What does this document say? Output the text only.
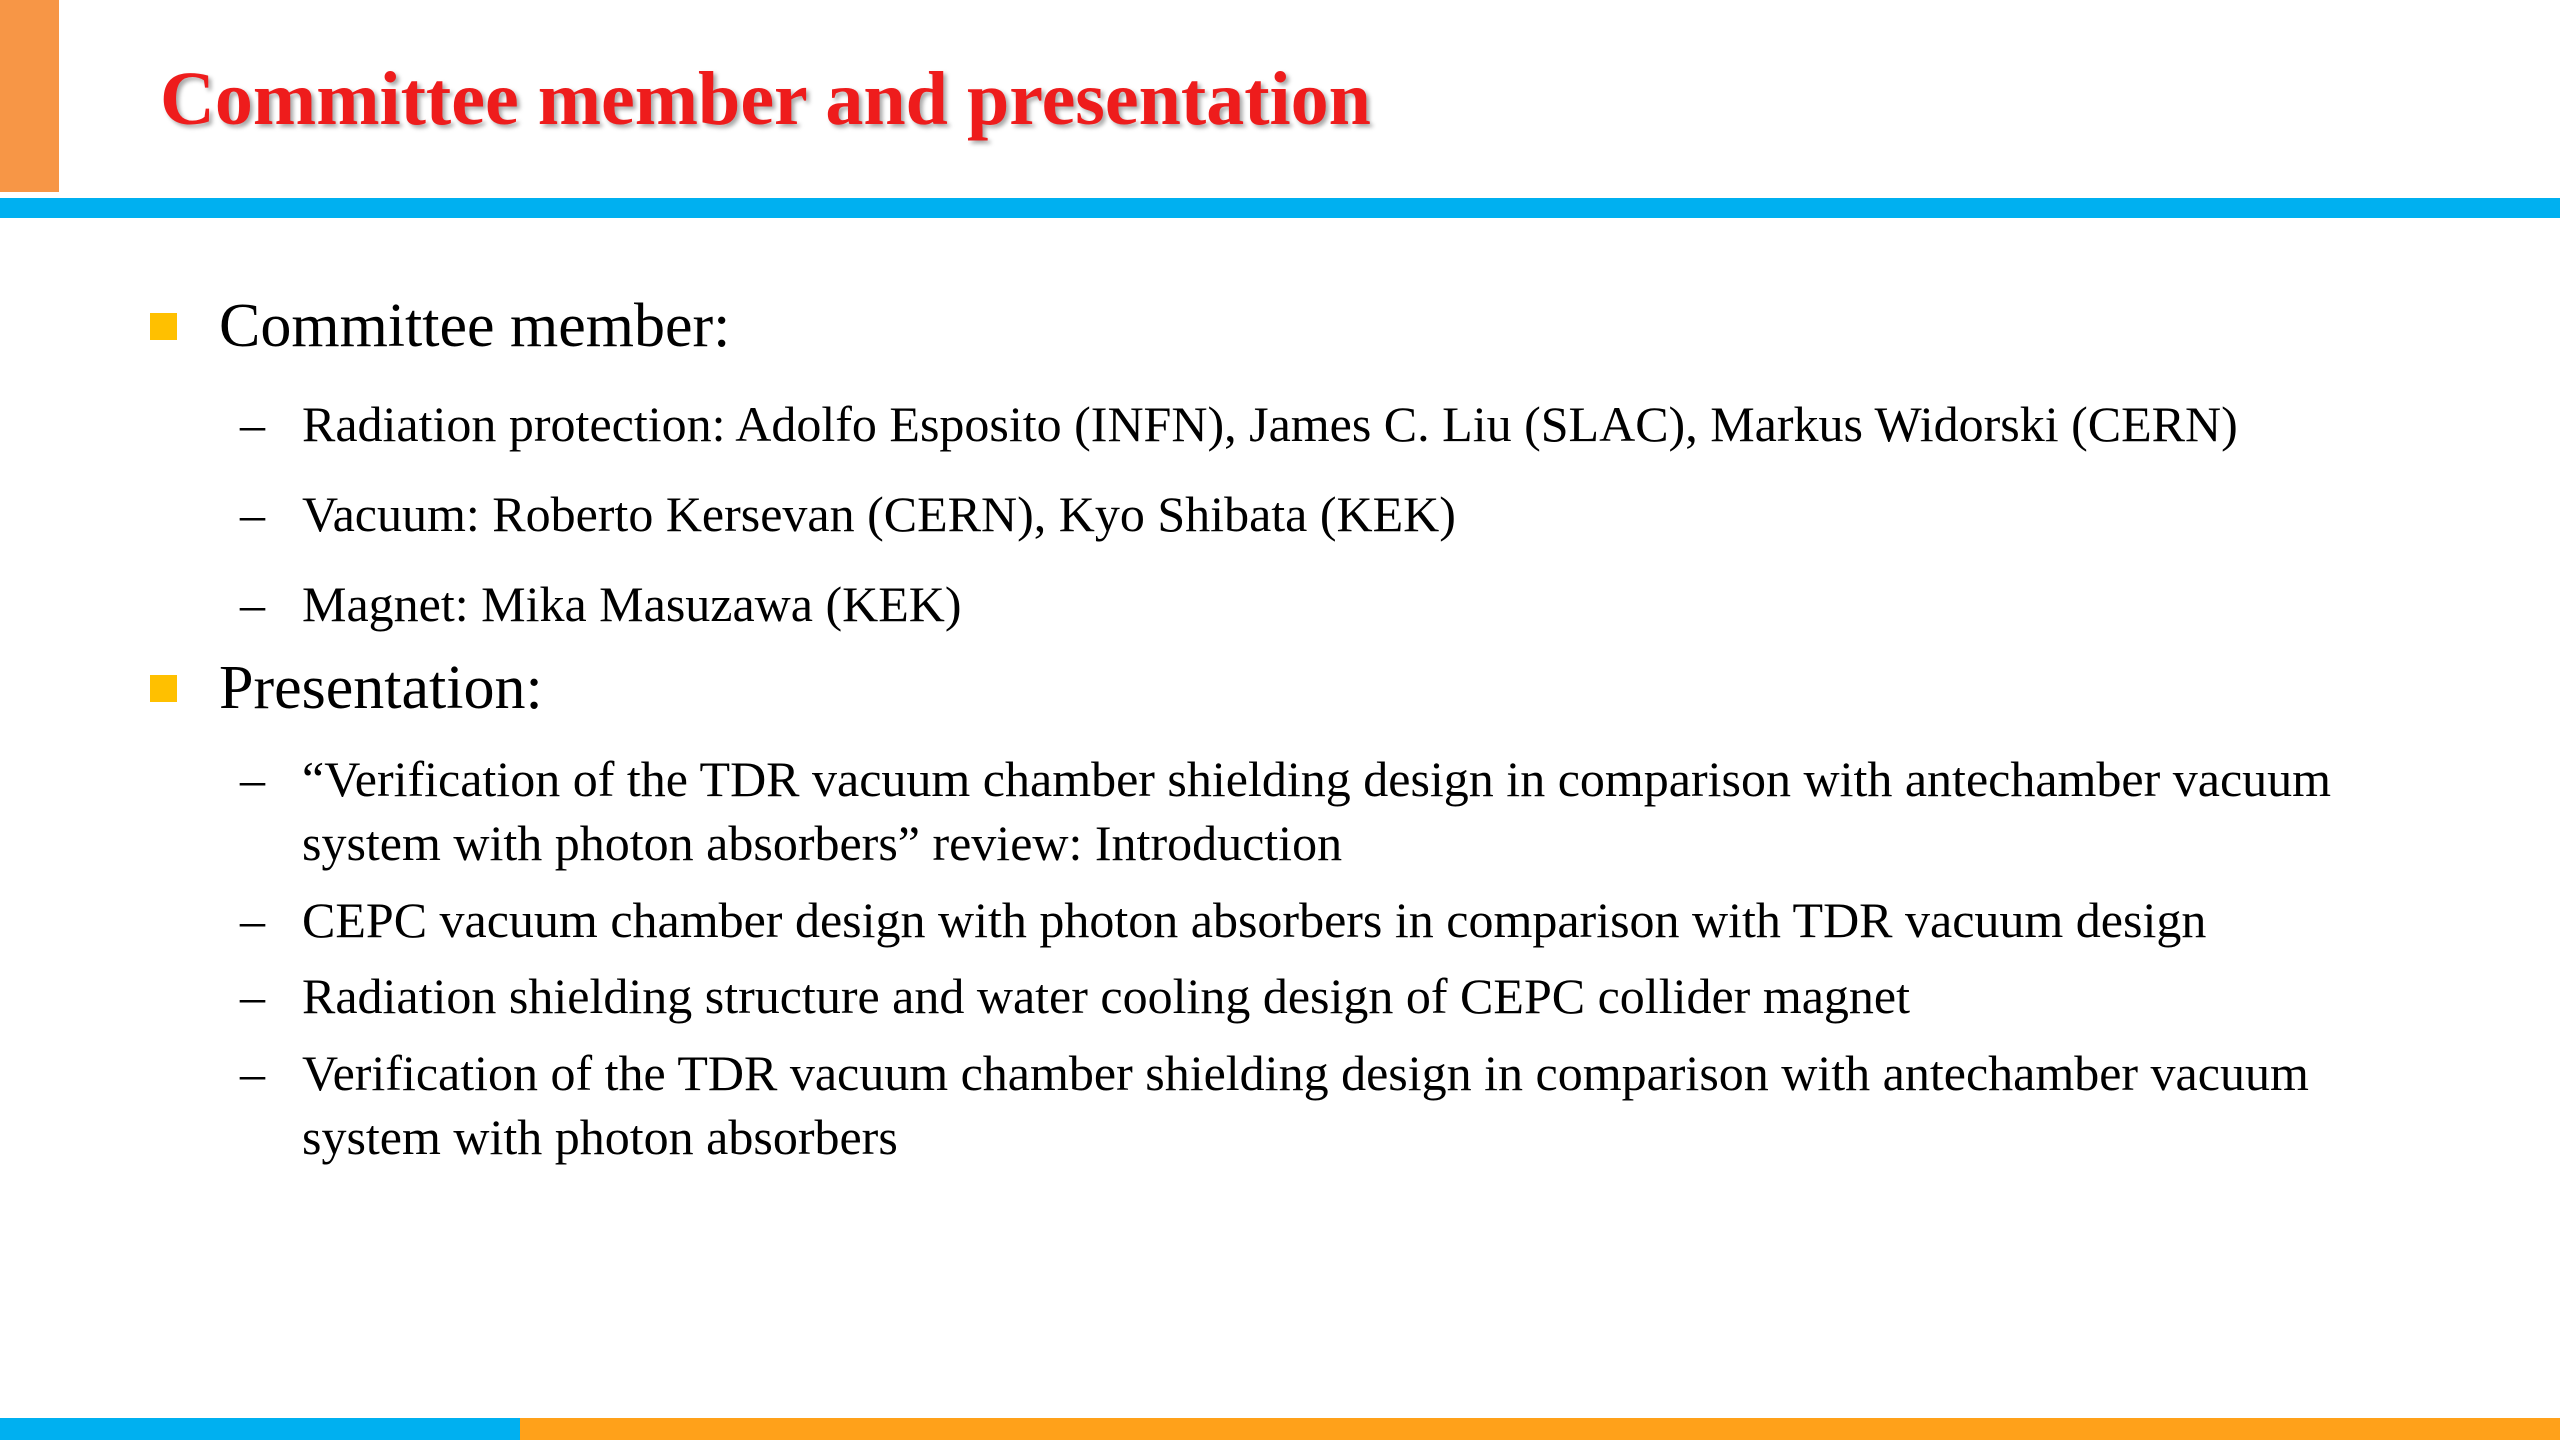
Committee member and presentation
Committee member:
– Radiation protection: Adolfo Esposito (INFN), James C. Liu (SLAC), Markus Widorski (CERN)
– Vacuum: Roberto Kersevan (CERN), Kyo Shibata (KEK)
– Magnet: Mika Masuzawa (KEK)
Presentation:
– “Verification of the TDR vacuum chamber shielding design in comparison with antechamber vacuum system with photon absorbers” review: Introduction
– CEPC vacuum chamber design with photon absorbers in comparison with TDR vacuum design
– Radiation shielding structure and water cooling design of CEPC collider magnet
– Verification of the TDR vacuum chamber shielding design in comparison with antechamber vacuum system with photon absorbers
